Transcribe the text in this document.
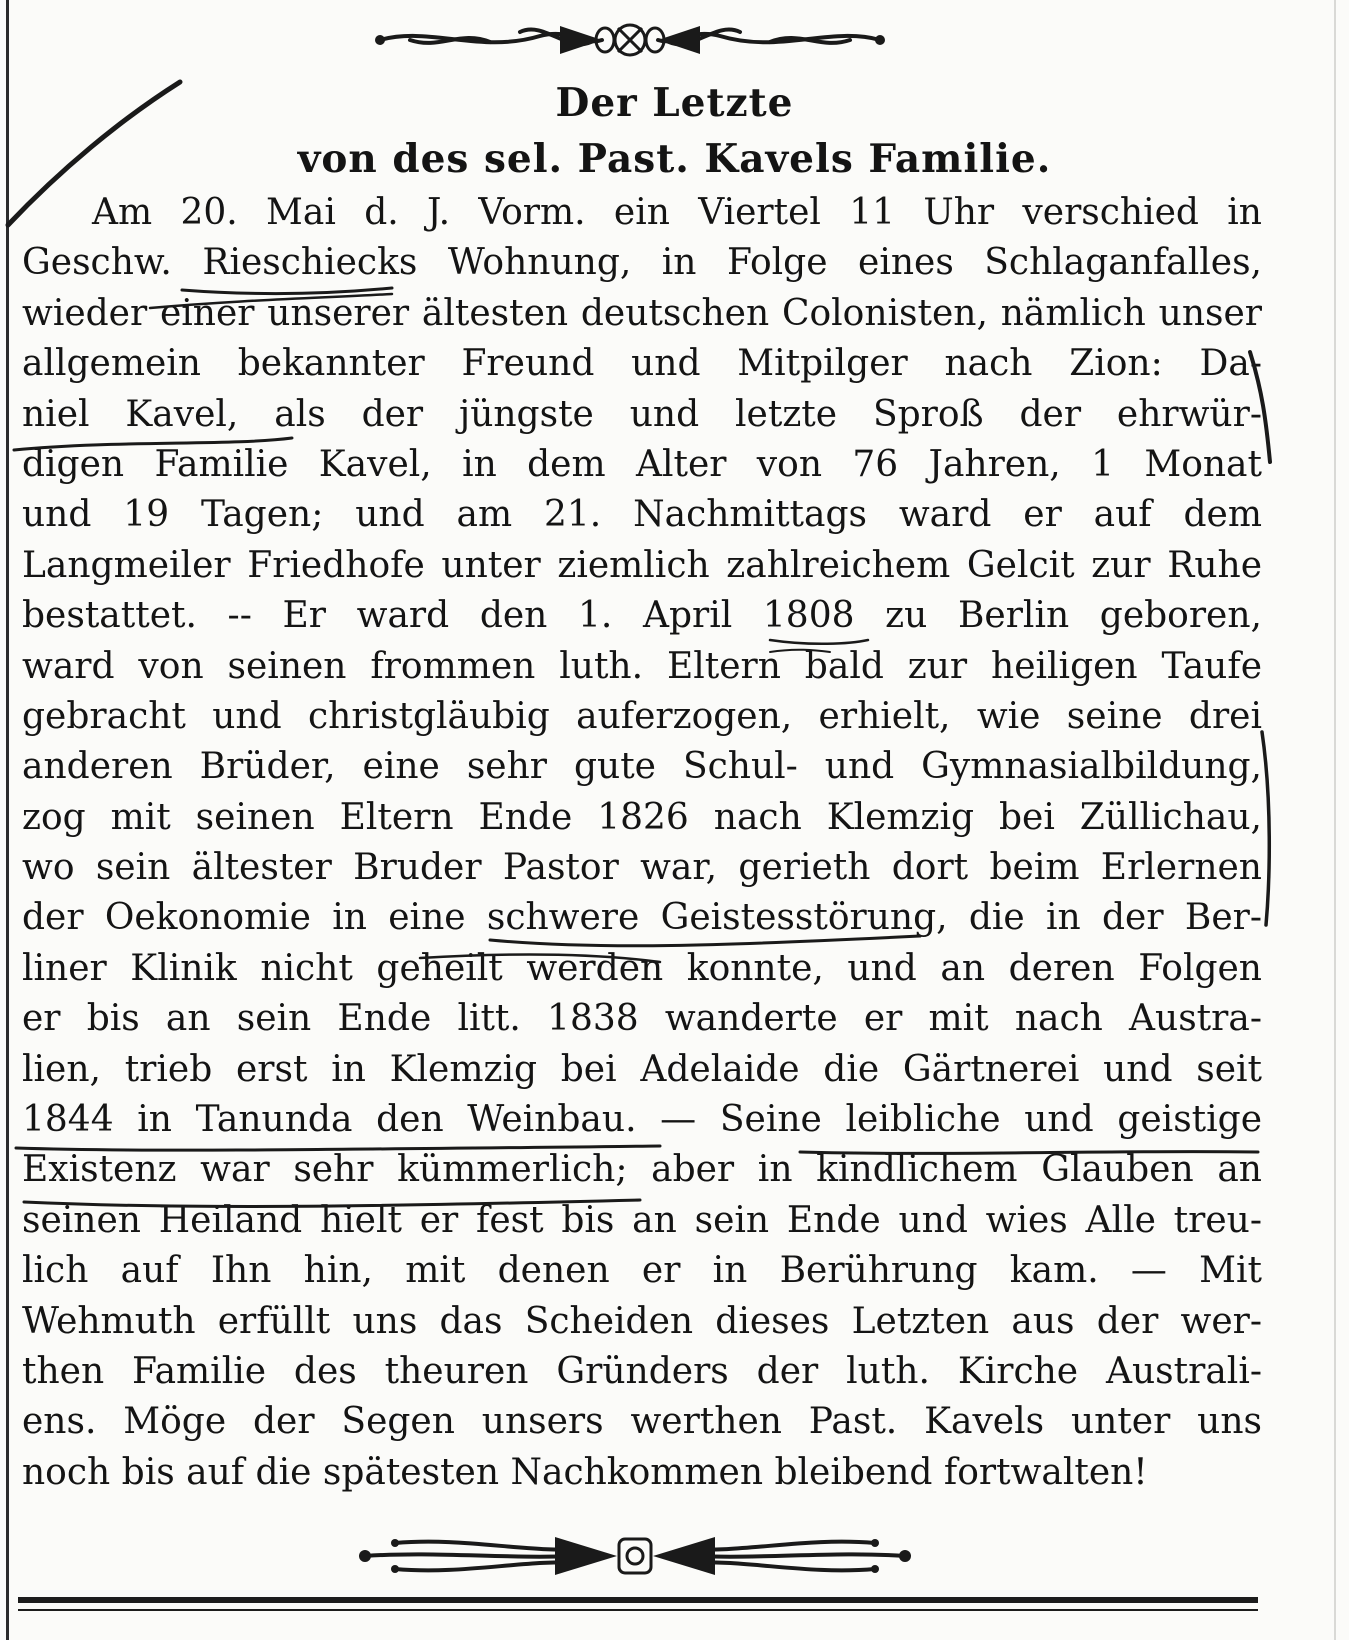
Der Letzte
von des sel. Past. Kavels Familie.
Am 20. Mai d. J. Vorm. ein Viertel 11 Uhr verschied in
Geschw. Rieschiecks Wohnung, in Folge eines Schlaganfalles,
wieder einer unserer ältesten deutschen Colonisten, nämlich unser
allgemein bekannter Freund und Mitpilger nach Zion: Da-
niel Kavel, als der jüngste und letzte Sproß der ehrwür-
digen Familie Kavel, in dem Alter von 76 Jahren, 1 Monat
und 19 Tagen; und am 21. Nachmittags ward er auf dem
Langmeiler Friedhofe unter ziemlich zahlreichem Gelcit zur Ruhe
bestattet. -- Er ward den 1. April 1808 zu Berlin geboren,
ward von seinen frommen luth. Eltern bald zur heiligen Taufe
gebracht und christgläubig auferzogen, erhielt, wie seine drei
anderen Brüder, eine sehr gute Schul- und Gymnasialbildung,
zog mit seinen Eltern Ende 1826 nach Klemzig bei Züllichau,
wo sein ältester Bruder Pastor war, gerieth dort beim Erlernen
der Oekonomie in eine schwere Geistesstörung, die in der Ber-
liner Klinik nicht geheilt werden konnte, und an deren Folgen
er bis an sein Ende litt. 1838 wanderte er mit nach Austra-
lien, trieb erst in Klemzig bei Adelaide die Gärtnerei und seit
1844 in Tanunda den Weinbau. — Seine leibliche und geistige
Existenz war sehr kümmerlich; aber in kindlichem Glauben an
seinen Heiland hielt er fest bis an sein Ende und wies Alle treu-
lich auf Ihn hin, mit denen er in Berührung kam. — Mit
Wehmuth erfüllt uns das Scheiden dieses Letzten aus der wer-
then Familie des theuren Gründers der luth. Kirche Australi-
ens. Möge der Segen unsers werthen Past. Kavels unter uns
noch bis auf die spätesten Nachkommen bleibend fortwalten!
